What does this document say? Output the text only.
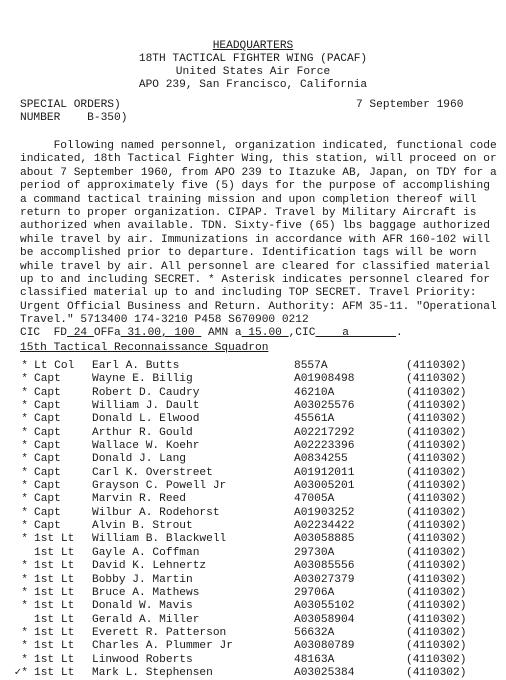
HEADQUARTERS
18TH TACTICAL FIGHTER WING (PACAF)
United States Air Force
APO 239, San Francisco, California
SPECIAL ORDERS)
NUMBER    B-350)
7 September 1960
Following named personnel, organization indicated, functional code
indicated, 18th Tactical Fighter Wing, this station, will proceed on or
about 7 September 1960, from APO 239 to Itazuke AB, Japan, on TDY for a
period of approximately five (5) days for the purpose of accomplishing
a command tactical training mission and upon completion thereof will
return to proper organization. CIPAP. Travel by Military Aircraft is
authorized when available. TDN. Sixty-five (65) lbs baggage authorized
while travel by air. Immunizations in accordance with AFR 160-102 will
be accomplished prior to departure. Identification tags will be worn
while travel by air. All personnel are cleared for classified material
up to and including SECRET. * Asterisk indicates personnel cleared for
classified material up to and including TOP SECRET. Travel Priority:
Urgent Official Business and Return. Authority: AFM 35-11. "Operational
Travel." 5713400 174-3210 P458 S670900 0212
CIC  FD 24 OFFa 31.00, 100  AMN a 15.00 ,CIC    a       .
15th Tactical Reconnaissance Squadron
*	Lt Col	Earl A. Butts	8557A	(4110302)
*	Capt	Wayne E. Billig	A01908498	(4110302)
*	Capt	Robert D. Caudry	46210A	(4110302)
*	Capt	William J. Dault	A03025576	(4110302)
*	Capt	Donald L. Elwood	45561A	(4110302)
*	Capt	Arthur R. Gould	A02217292	(4110302)
*	Capt	Wallace W. Koehr	A02223396	(4110302)
*	Capt	Donald J. Lang	A0834255	(4110302)
*	Capt	Carl K. Overstreet	A01912011	(4110302)
*	Capt	Grayson C. Powell Jr	A03005201	(4110302)
*	Capt	Marvin R. Reed	47005A	(4110302)
*	Capt	Wilbur A. Rodehorst	A01903252	(4110302)
*	Capt	Alvin B. Strout	A02234422	(4110302)
*	1st Lt	William B. Blackwell	A03058885	(4110302)
	1st Lt	Gayle A. Coffman	29730A	(4110302)
*	1st Lt	David K. Lehnertz	A03085556	(4110302)
*	1st Lt	Bobby J. Martin	A03027379	(4110302)
*	1st Lt	Bruce A. Mathews	29706A	(4110302)
*	1st Lt	Donald W. Mavis	A03055102	(4110302)
	1st Lt	Gerald A. Miller	A03058904	(4110302)
*	1st Lt	Everett R. Patterson	56632A	(4110302)
*	1st Lt	Charles A. Plummer Jr	A03080789	(4110302)
*	1st Lt	Linwood Roberts	48163A	(4110302)
✓*	1st Lt	Mark L. Stephensen	A03025384	(4110302)
